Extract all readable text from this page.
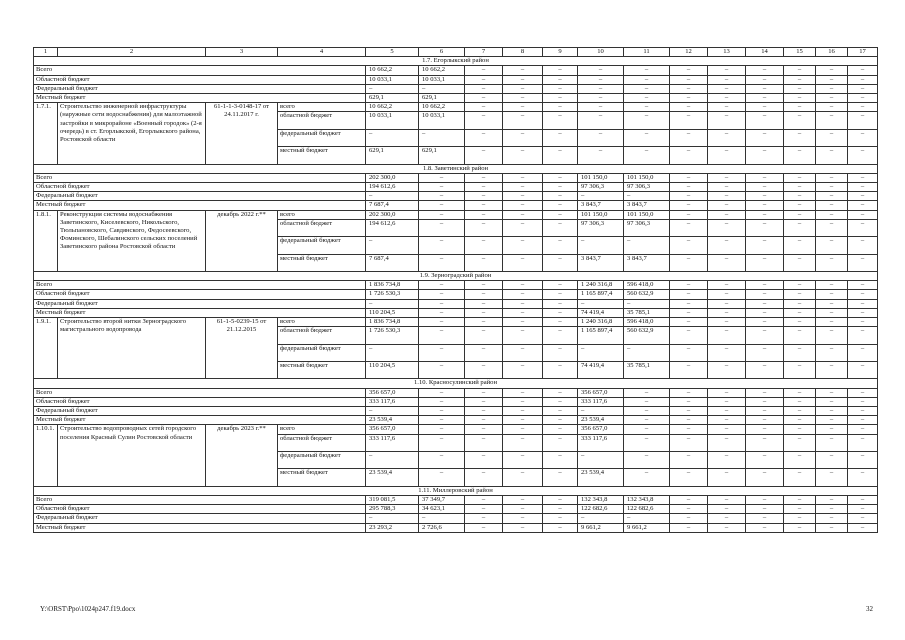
1	2	3	4	5	6	7	8	9	10	11	12	13	14	15	16	17
1.7. Егорлыкский район																
Всего				10 662,2	10 662,2	–	–	–	–	–	–	–	–	–	–	–
Областной бюджет				10 033,1	10 033,1	–	–	–	–	–	–	–	–	–	–	–
Федеральный бюджет				–	–	–	–	–	–	–	–	–	–	–	–	–
Местный бюджет				629,1	629,1	–	–	–	–	–	–	–	–	–	–	–
1.7.1.	Строительство инженерной инфраструктуры (наружные сети водоснабжения) для малоэтажной застройки в микрорайоне «Военный городок» (2-я очередь) в ст. Егорлыкской, Егорлыкского района, Ростовской области	61-1-1-3-0148-17 от 24.11.2017 г.	всего	10 662,2	10 662,2	–	–	–	–	–	–	–	–	–	–	–
			областной бюджет	10 033,1	10 033,1	–	–	–	–	–	–	–	–	–	–	–
			федеральный бюджет	–	–	–	–	–	–	–	–	–	–	–	–	–
			местный бюджет	629,1	629,1	–	–	–	–	–	–	–	–	–	–	–
1.8. Заветинский район																
Всего				202 300,0	–	–	–	–	101 150,0	101 150,0	–	–	–	–	–	–
Областной бюджет				194 612,6	–	–	–	–	97 306,3	97 306,3	–	–	–	–	–	–
Федеральный бюджет				–	–	–	–	–	–	–	–	–	–	–	–	–
Местный бюджет				7 687,4	–	–	–	–	3 843,7	3 843,7	–	–	–	–	–	–
1.8.1.	Реконструкция системы водоснабжения Заветинского, Киселевского, Никольского, Тюльпановского, Савдянского, Федосеевского, Фоминского, Шебалинского сельских поселений Заветинского района Ростовской области	декабрь 2022 г.**	всего	202 300,0	–	–	–	–	101 150,0	101 150,0	–	–	–	–	–	–
			областной бюджет	194 612,6	–	–	–	–	97 306,3	97 306,3	–	–	–	–	–	–
			федеральный бюджет	–	–	–	–	–	–	–	–	–	–	–	–	–
			местный бюджет	7 687,4	–	–	–	–	3 843,7	3 843,7	–	–	–	–	–	–
1.9. Зерноградский район																
Всего				1 836 734,8	–	–	–	–	1 240 316,8	596 418,0	–	–	–	–	–	–
Областной бюджет				1 726 530,3	–	–	–	–	1 165 897,4	560 632,9	–	–	–	–	–	–
Федеральный бюджет				–	–	–	–	–	–	–	–	–	–	–	–	–
Местный бюджет				110 204,5	–	–	–	–	74 419,4	35 785,1	–	–	–	–	–	–
1.9.1.	Строительство второй нитки Зерноградского магистрального водопровода	61-1-5-0239-15 от 21.12.2015	всего	1 836 734,8	–	–	–	–	1 240 316,8	596 418,0	–	–	–	–	–	–
			областной бюджет	1 726 530,3	–	–	–	–	1 165 897,4	560 632,9	–	–	–	–	–	–
			федеральный бюджет	–	–	–	–	–	–	–	–	–	–	–	–	–
			местный бюджет	110 204,5	–	–	–	–	74 419,4	35 785,1	–	–	–	–	–	–
1.10. Красносулинский район																
Всего				356 657,0	–	–	–	–	356 657,0	–	–	–	–	–	–	–
Областной бюджет				333 117,6	–	–	–	–	333 117,6	–	–	–	–	–	–	–
Федеральный бюджет				–	–	–	–	–	–	–	–	–	–	–	–	–
Местный бюджет				23 539,4	–	–	–	–	23 539,4	–	–	–	–	–	–	–
1.10.1.	Строительство водопроводных сетей городского поселения Красный Сулин Ростовской области	декабрь 2023 г.**	всего	356 657,0	–	–	–	–	356 657,0	–	–	–	–	–	–	–
			областной бюджет	333 117,6	–	–	–	–	333 117,6	–	–	–	–	–	–	–
			федеральный бюджет	–	–	–	–	–	–	–	–	–	–	–	–	–
			местный бюджет	23 539,4	–	–	–	–	23 539,4	–	–	–	–	–	–	–
1.11. Миллеровский район																
Всего				319 081,5	37 349,7	–	–	–	132 343,8	132 343,8	–	–	–	–	–	–
Областной бюджет				295 788,3	34 623,1	–	–	–	122 682,6	122 682,6	–	–	–	–	–	–
Федеральный бюджет				–	–	–	–	–	–	–	–	–	–	–	–	–
Местный бюджет				23 293,2	2 726,6	–	–	–	9 661,2	9 661,2	–	–	–	–	–	–
Y:\ORST\Ppo\1024p247.f19.docx	32
